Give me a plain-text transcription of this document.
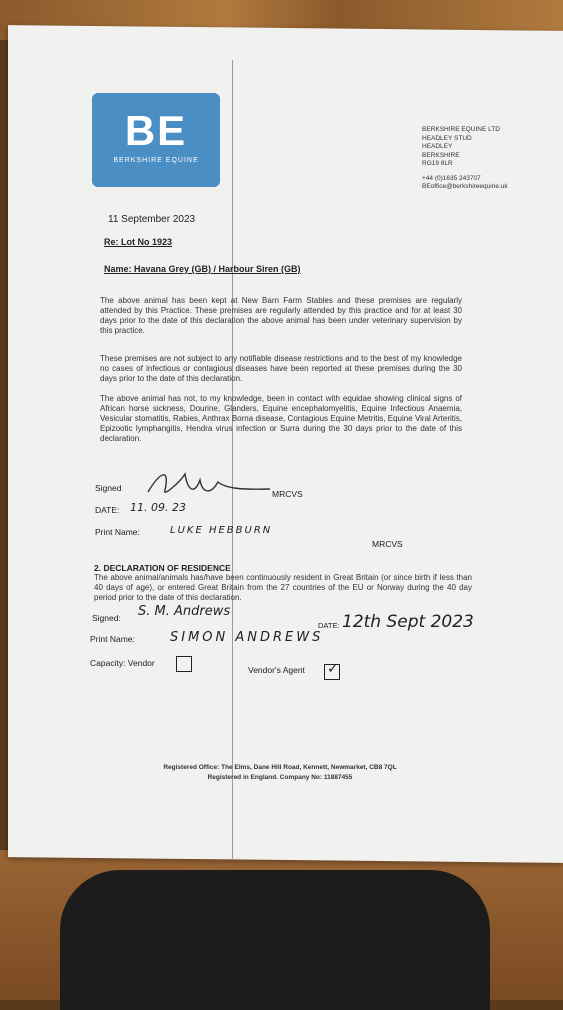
BE
BERKSHIRE EQUINE
BERKSHIRE EQUINE LTD
HEADLEY STUD
HEADLEY
BERKSHIRE
RG19 8LR
+44 (0)1635 243707
BEoffice@berkshireequine.uk
11 September 2023
Re: Lot No 1923
Name: Havana Grey (GB) / Harbour Siren (GB)
The above animal has been kept at New Barn Farm Stables and these premises are regularly attended by this Practice. These premises are regularly attended by this practice and for at least 30 days prior to the date of this declaration the above animal has been under veterinary supervision by this practice.
These premises are not subject to any notifiable disease restrictions and to the best of my knowledge no cases of infectious or contagious diseases have been reported at these premises during the 30 days prior to the date of this declaration.
The above animal has not, to my knowledge, been in contact with equidae showing clinical signs of African horse sickness, Dourine, Glanders, Equine encephalomyelitis, Equine Infectious Anaemia, Vesicular stomatitis, Rabies, Anthrax Borna disease, Contagious Equine Metritis, Equine Viral Arteritis, Epizootic lymphangitis, Hendra virus infection or Surra during the 30 days prior to the date of this declaration.
Signed
MRCVS
DATE: 11. 09. 23
Print Name:	LUKE HEBBURN
MRCVS
2. DECLARATION OF RESIDENCE
The above animal/animals has/have been continuously resident in Great Britain (or since birth if less than 40 days of age), or entered Great Britain from the 27 countries of the EU or Norway during the 40 day period prior to the date of this declaration.
Signed: S. M. Andrews
DATE: 12th Sept 2023
Print Name:	SIMON ANDREWS
Capacity: Vendor
Vendor's Agent ✓
Registered Office: The Elms, Dane Hill Road, Kennett, Newmarket, CB8 7QL
Registered in England. Company No: 11887455
